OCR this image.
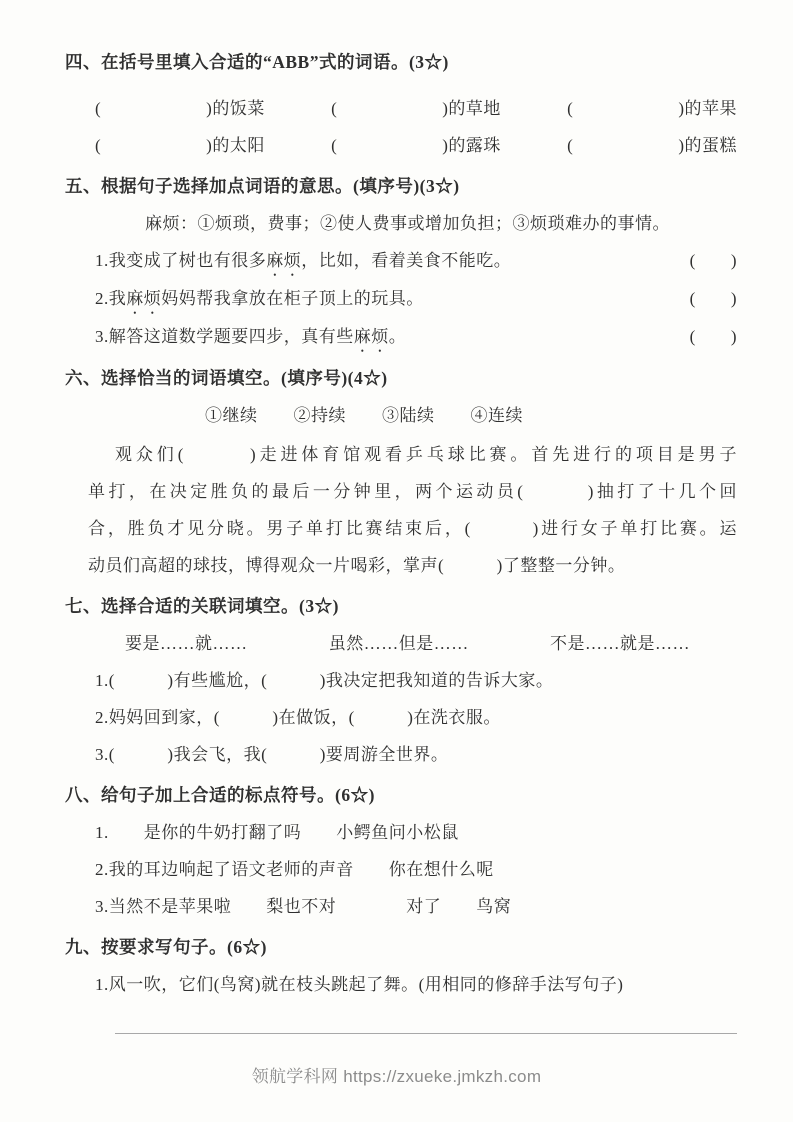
四、在括号里填入合适的“ABB”式的词语。(3☆)
(　　　　　　)的饭菜	(　　　　　　)的草地	(　　　　　　)的苹果
(　　　　　　)的太阳	(　　　　　　)的露珠	(　　　　　　)的蛋糕
五、根据句子选择加点词语的意思。(填序号)(3☆)
麻烦：①烦琐，费事；②使人费事或增加负担；③烦琐难办的事情。
1.我变成了树也有很多麻烦，比如，看着美食不能吃。	(　　)
2.我麻烦妈妈帮我拿放在柜子顶上的玩具。	(　　)
3.解答这道数学题要四步，真有些麻烦。	(　　)
六、选择恰当的词语填空。(填序号)(4☆)
①继续 ②持续 ③陆续 ④连续
观众们(　　　)走进体育馆观看乒乓球比赛。首先进行的项目是男子
单打，在决定胜负的最后一分钟里，两个运动员(　　　)抽打了十几个回
合，胜负才见分晓。男子单打比赛结束后，(　　　)进行女子单打比赛。运
动员们高超的球技，博得观众一片喝彩，掌声(　　　)了整整一分钟。
七、选择合适的关联词填空。(3☆)
要是……就……	虽然……但是……	不是……就是……
1.(　　　)有些尴尬，(　　　)我决定把我知道的告诉大家。
2.妈妈回到家，(　　　)在做饭，(　　　)在洗衣服。
3.(　　　)我会飞，我(　　　)要周游全世界。
八、给句子加上合适的标点符号。(6☆)
1.　　是你的牛奶打翻了吗　　小鳄鱼问小松鼠
2.我的耳边响起了语文老师的声音　　你在想什么呢
3.当然不是苹果啦　　梨也不对　　　　对了　　鸟窝
九、按要求写句子。(6☆)
1.风一吹，它们(鸟窝)就在枝头跳起了舞。(用相同的修辞手法写句子)
领航学科网 https://zxueke.jmkzh.com
